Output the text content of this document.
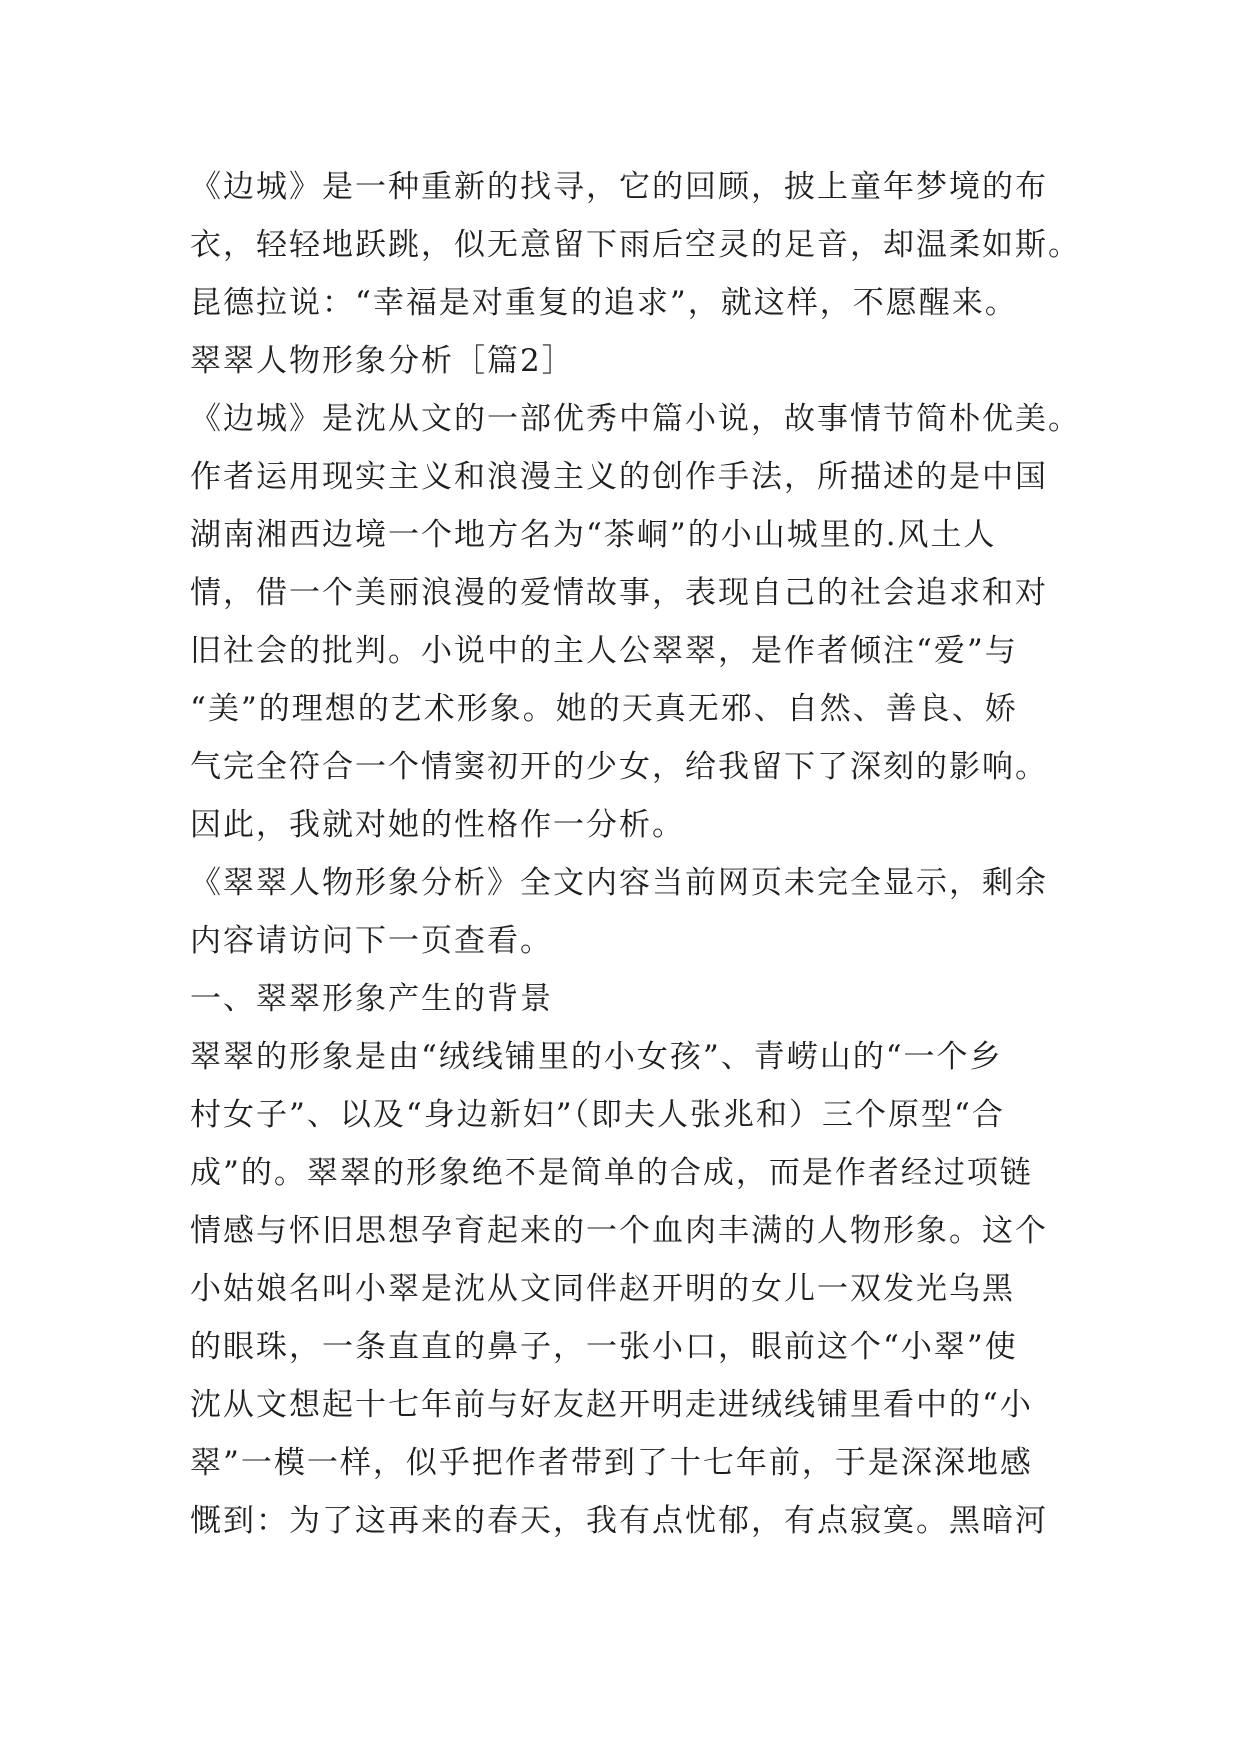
《边城》是一种重新的找寻，它的回顾，披上童年梦境的布
衣，轻轻地跃跳，似无意留下雨后空灵的足音，却温柔如斯。
昆德拉说：“幸福是对重复的追求”，就这样，不愿醒来。
翠翠人物形象分析［篇2］
《边城》是沈从文的一部优秀中篇小说，故事情节简朴优美。
作者运用现实主义和浪漫主义的创作手法，所描述的是中国
湖南湘西边境一个地方名为“茶峒”的小山城里的.风土人
情，借一个美丽浪漫的爱情故事，表现自己的社会追求和对
旧社会的批判。小说中的主人公翠翠，是作者倾注“爱”与
“美”的理想的艺术形象。她的天真无邪、自然、善良、娇
气完全符合一个情窦初开的少女，给我留下了深刻的影响。
因此，我就对她的性格作一分析。
《翠翠人物形象分析》全文内容当前网页未完全显示，剩余
内容请访问下一页查看。
一、翠翠形象产生的背景
翠翠的形象是由“绒线铺里的小女孩”、青崂山的“一个乡
村女子”、以及“身边新妇”（即夫人张兆和）三个原型“合
成”的。翠翠的形象绝不是简单的合成，而是作者经过项链
情感与怀旧思想孕育起来的一个血肉丰满的人物形象。这个
小姑娘名叫小翠是沈从文同伴赵开明的女儿一双发光乌黑
的眼珠，一条直直的鼻子，一张小口，眼前这个“小翠”使
沈从文想起十七年前与好友赵开明走进绒线铺里看中的“小
翠”一模一样，似乎把作者带到了十七年前，于是深深地感
慨到：为了这再来的春天，我有点忧郁，有点寂寞。黑暗河
